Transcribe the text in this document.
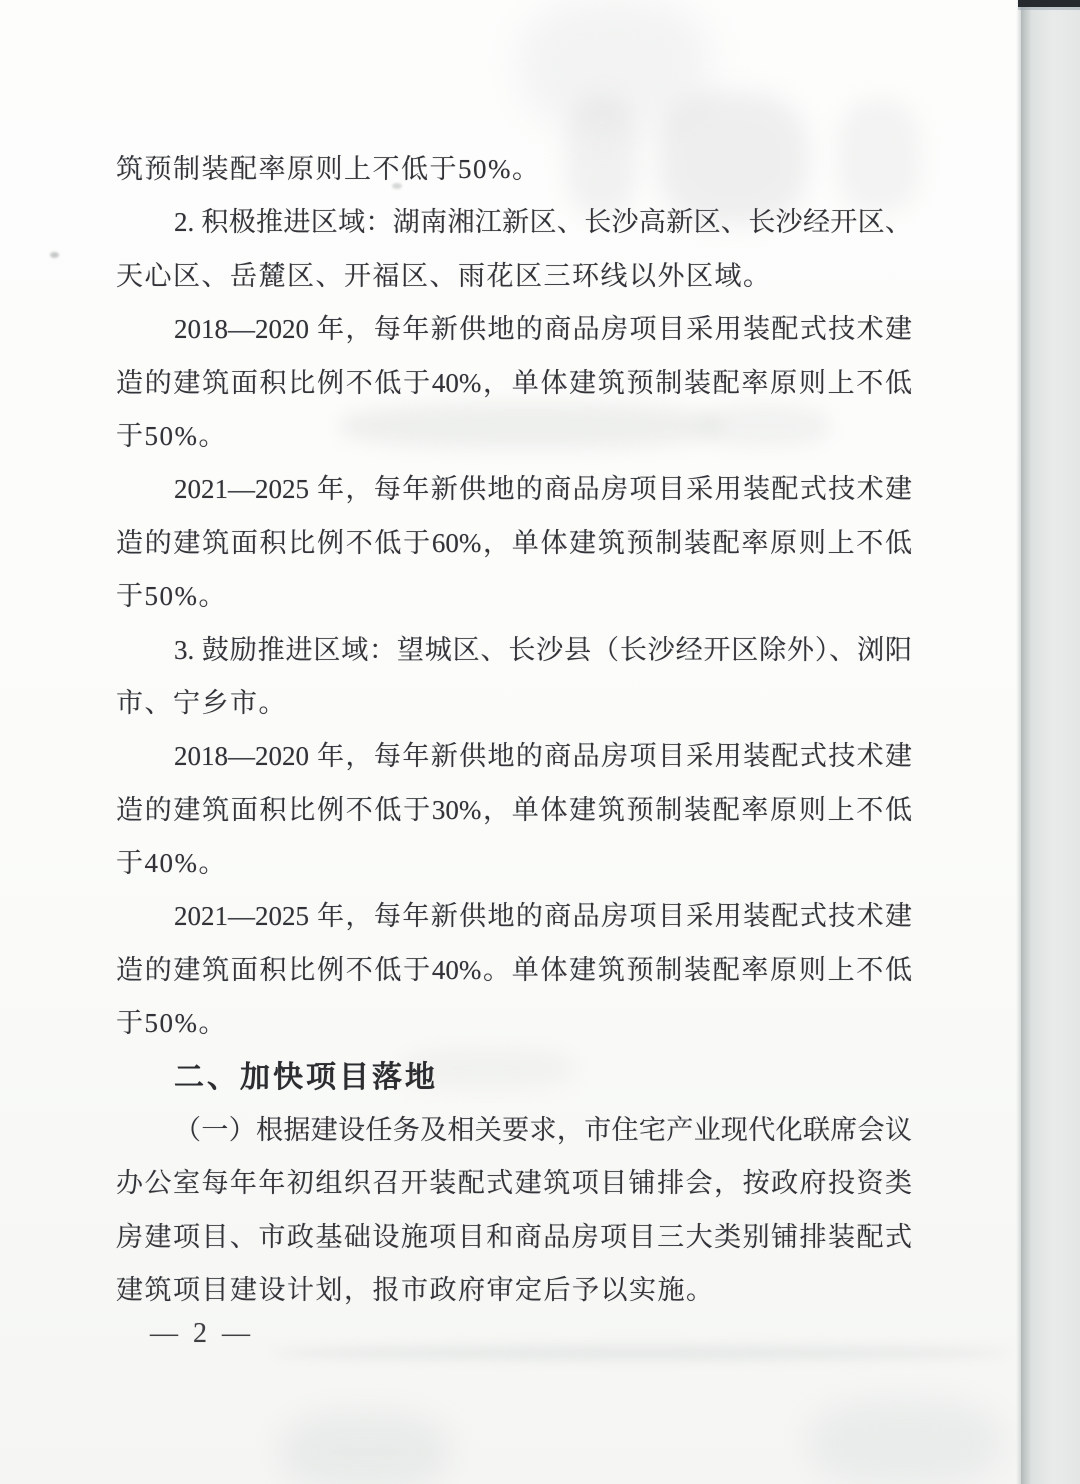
筑预制装配率原则上不低于50%。
2. 积极推进区域：湖南湘江新区、长沙高新区、长沙经开区、
天心区、岳麓区、开福区、雨花区三环线以外区域。
2018—2020 年，每年新供地的商品房项目采用装配式技术建
造的建筑面积比例不低于40%，单体建筑预制装配率原则上不低
于50%。
2021—2025 年，每年新供地的商品房项目采用装配式技术建
造的建筑面积比例不低于60%，单体建筑预制装配率原则上不低
于50%。
3. 鼓励推进区域：望城区、长沙县（长沙经开区除外）、浏阳
市、宁乡市。
2018—2020 年，每年新供地的商品房项目采用装配式技术建
造的建筑面积比例不低于30%，单体建筑预制装配率原则上不低
于40%。
2021—2025 年，每年新供地的商品房项目采用装配式技术建
造的建筑面积比例不低于40%。单体建筑预制装配率原则上不低
于50%。
二、加快项目落地
（一）根据建设任务及相关要求，市住宅产业现代化联席会议
办公室每年年初组织召开装配式建筑项目铺排会，按政府投资类
房建项目、市政基础设施项目和商品房项目三大类别铺排装配式
建筑项目建设计划，报市政府审定后予以实施。
— 2 —
